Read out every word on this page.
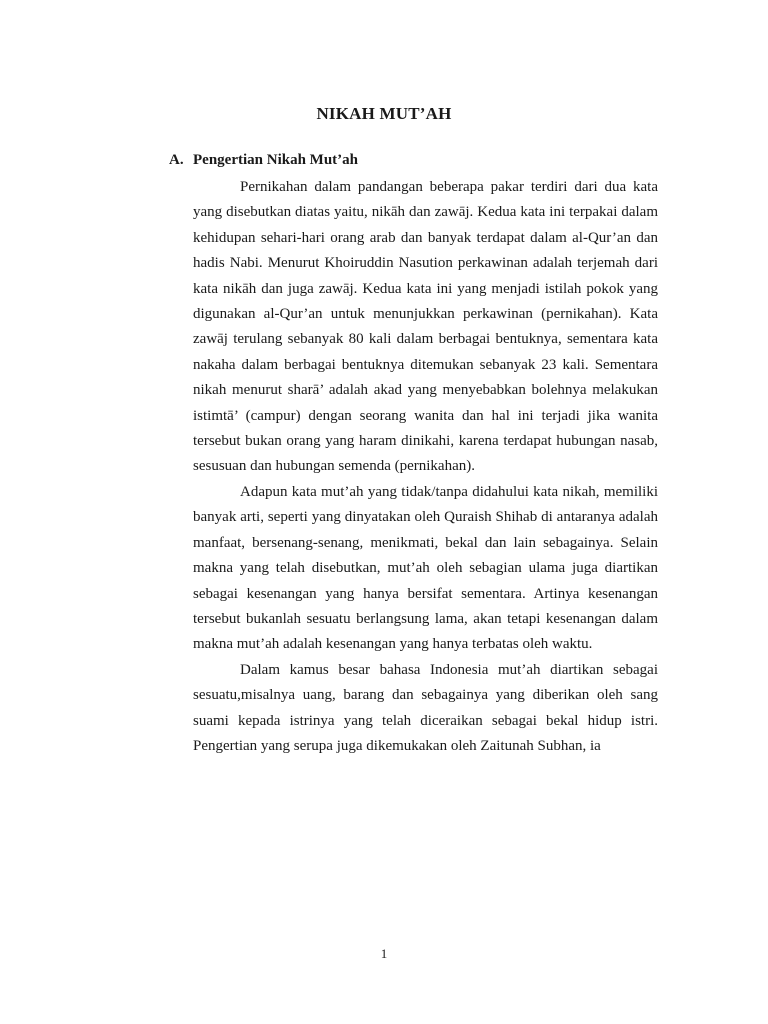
NIKAH MUT’AH
A. Pengertian Nikah Mut’ah

Pernikahan dalam pandangan beberapa pakar terdiri dari dua kata yang disebutkan diatas yaitu, nikāh dan zawāj. Kedua kata ini terpakai dalam kehidupan sehari-hari orang arab dan banyak terdapat dalam al-Qur’an dan hadis Nabi. Menurut Khoiruddin Nasution perkawinan adalah terjemah dari kata nikāh dan juga zawāj. Kedua kata ini yang menjadi istilah pokok yang digunakan al-Qur’an untuk menunjukkan perkawinan (pernikahan). Kata zawāj terulang sebanyak 80 kali dalam berbagai bentuknya, sementara kata nakaha dalam berbagai bentuknya ditemukan sebanyak 23 kali. Sementara nikah menurut sharā’ adalah akad yang menyebabkan bolehnya melakukan istimtā’ (campur) dengan seorang wanita dan hal ini terjadi jika wanita tersebut bukan orang yang haram dinikahi, karena terdapat hubungan nasab, sesusuan dan hubungan semenda (pernikahan).

Adapun kata mut’ah yang tidak/tanpa didahului kata nikah, memiliki banyak arti, seperti yang dinyatakan oleh Quraish Shihab di antaranya adalah manfaat, bersenang-senang, menikmati, bekal dan lain sebagainya. Selain makna yang telah disebutkan, mut’ah oleh sebagian ulama juga diartikan sebagai kesenangan yang hanya bersifat sementara. Artinya kesenangan tersebut bukanlah sesuatu berlangsung lama, akan tetapi kesenangan dalam makna mut’ah adalah kesenangan yang hanya terbatas oleh waktu.

Dalam kamus besar bahasa Indonesia mut’ah diartikan sebagai sesuatu,misalnya uang, barang dan sebagainya yang diberikan oleh sang suami kepada istrinya yang telah diceraikan sebagai bekal hidup istri. Pengertian yang serupa juga dikemukakan oleh Zaitunah Subhan, ia

1
